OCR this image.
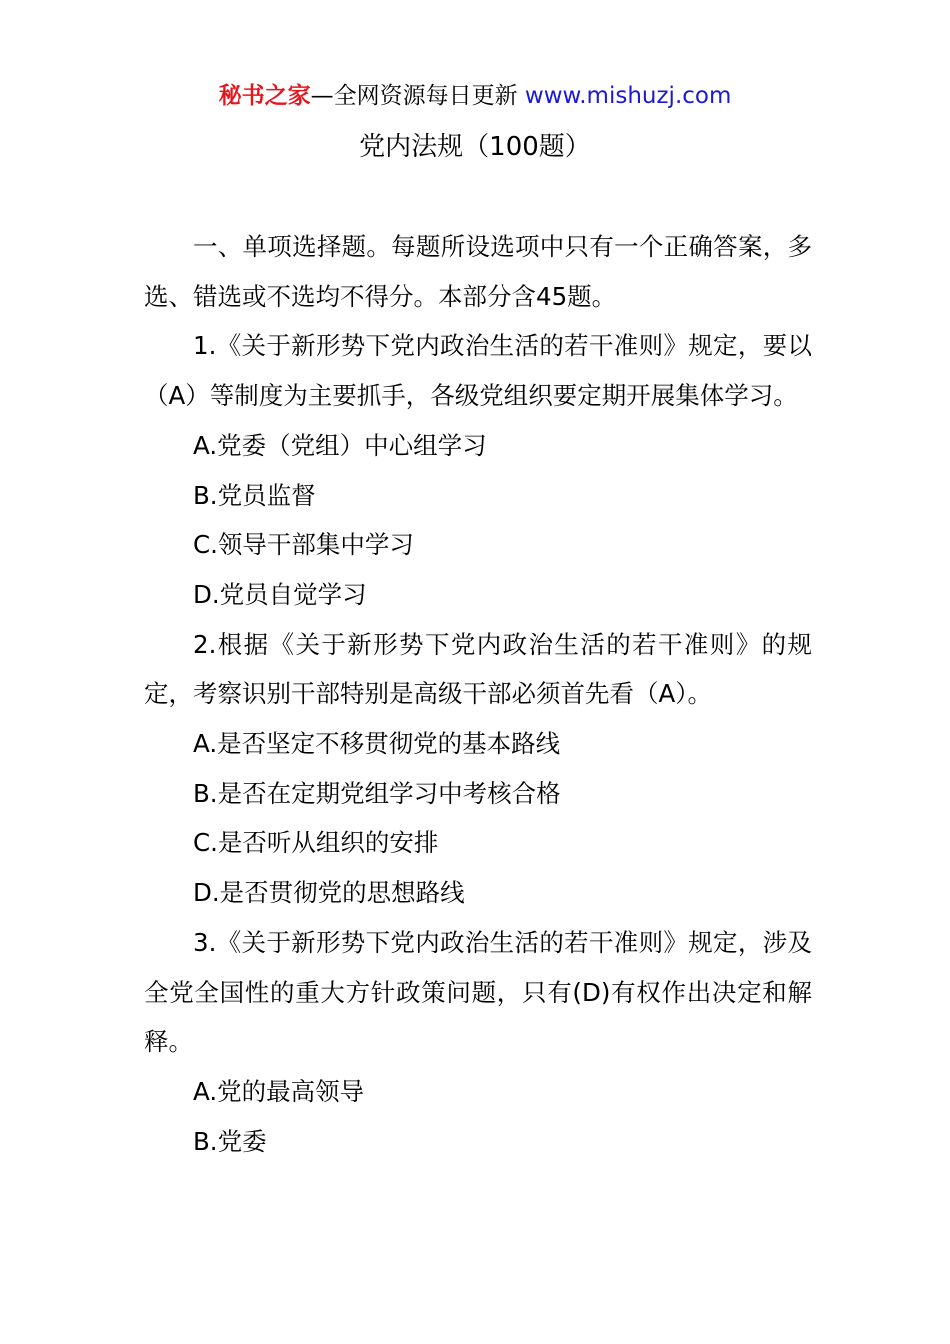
秘书之家—全网资源每日更新 www.mishuzj.com
党内法规（100题）

一、单项选择题。每题所设选项中只有一个正确答案，多选、错选或不选均不得分。本部分含45题。

1.《关于新形势下党内政治生活的若干准则》规定，要以（A）等制度为主要抓手，各级党组织要定期开展集体学习。

A.党委（党组）中心组学习

B.党员监督

C.领导干部集中学习

D.党员自觉学习

2.根据《关于新形势下党内政治生活的若干准则》的规定，考察识别干部特别是高级干部必须首先看（A）。

A.是否坚定不移贯彻党的基本路线

B.是否在定期党组学习中考核合格

C.是否听从组织的安排

D.是否贯彻党的思想路线

3.《关于新形势下党内政治生活的若干准则》规定，涉及全党全国性的重大方针政策问题，只有(D)有权作出决定和解释。

A.党的最高领导

B.党委
